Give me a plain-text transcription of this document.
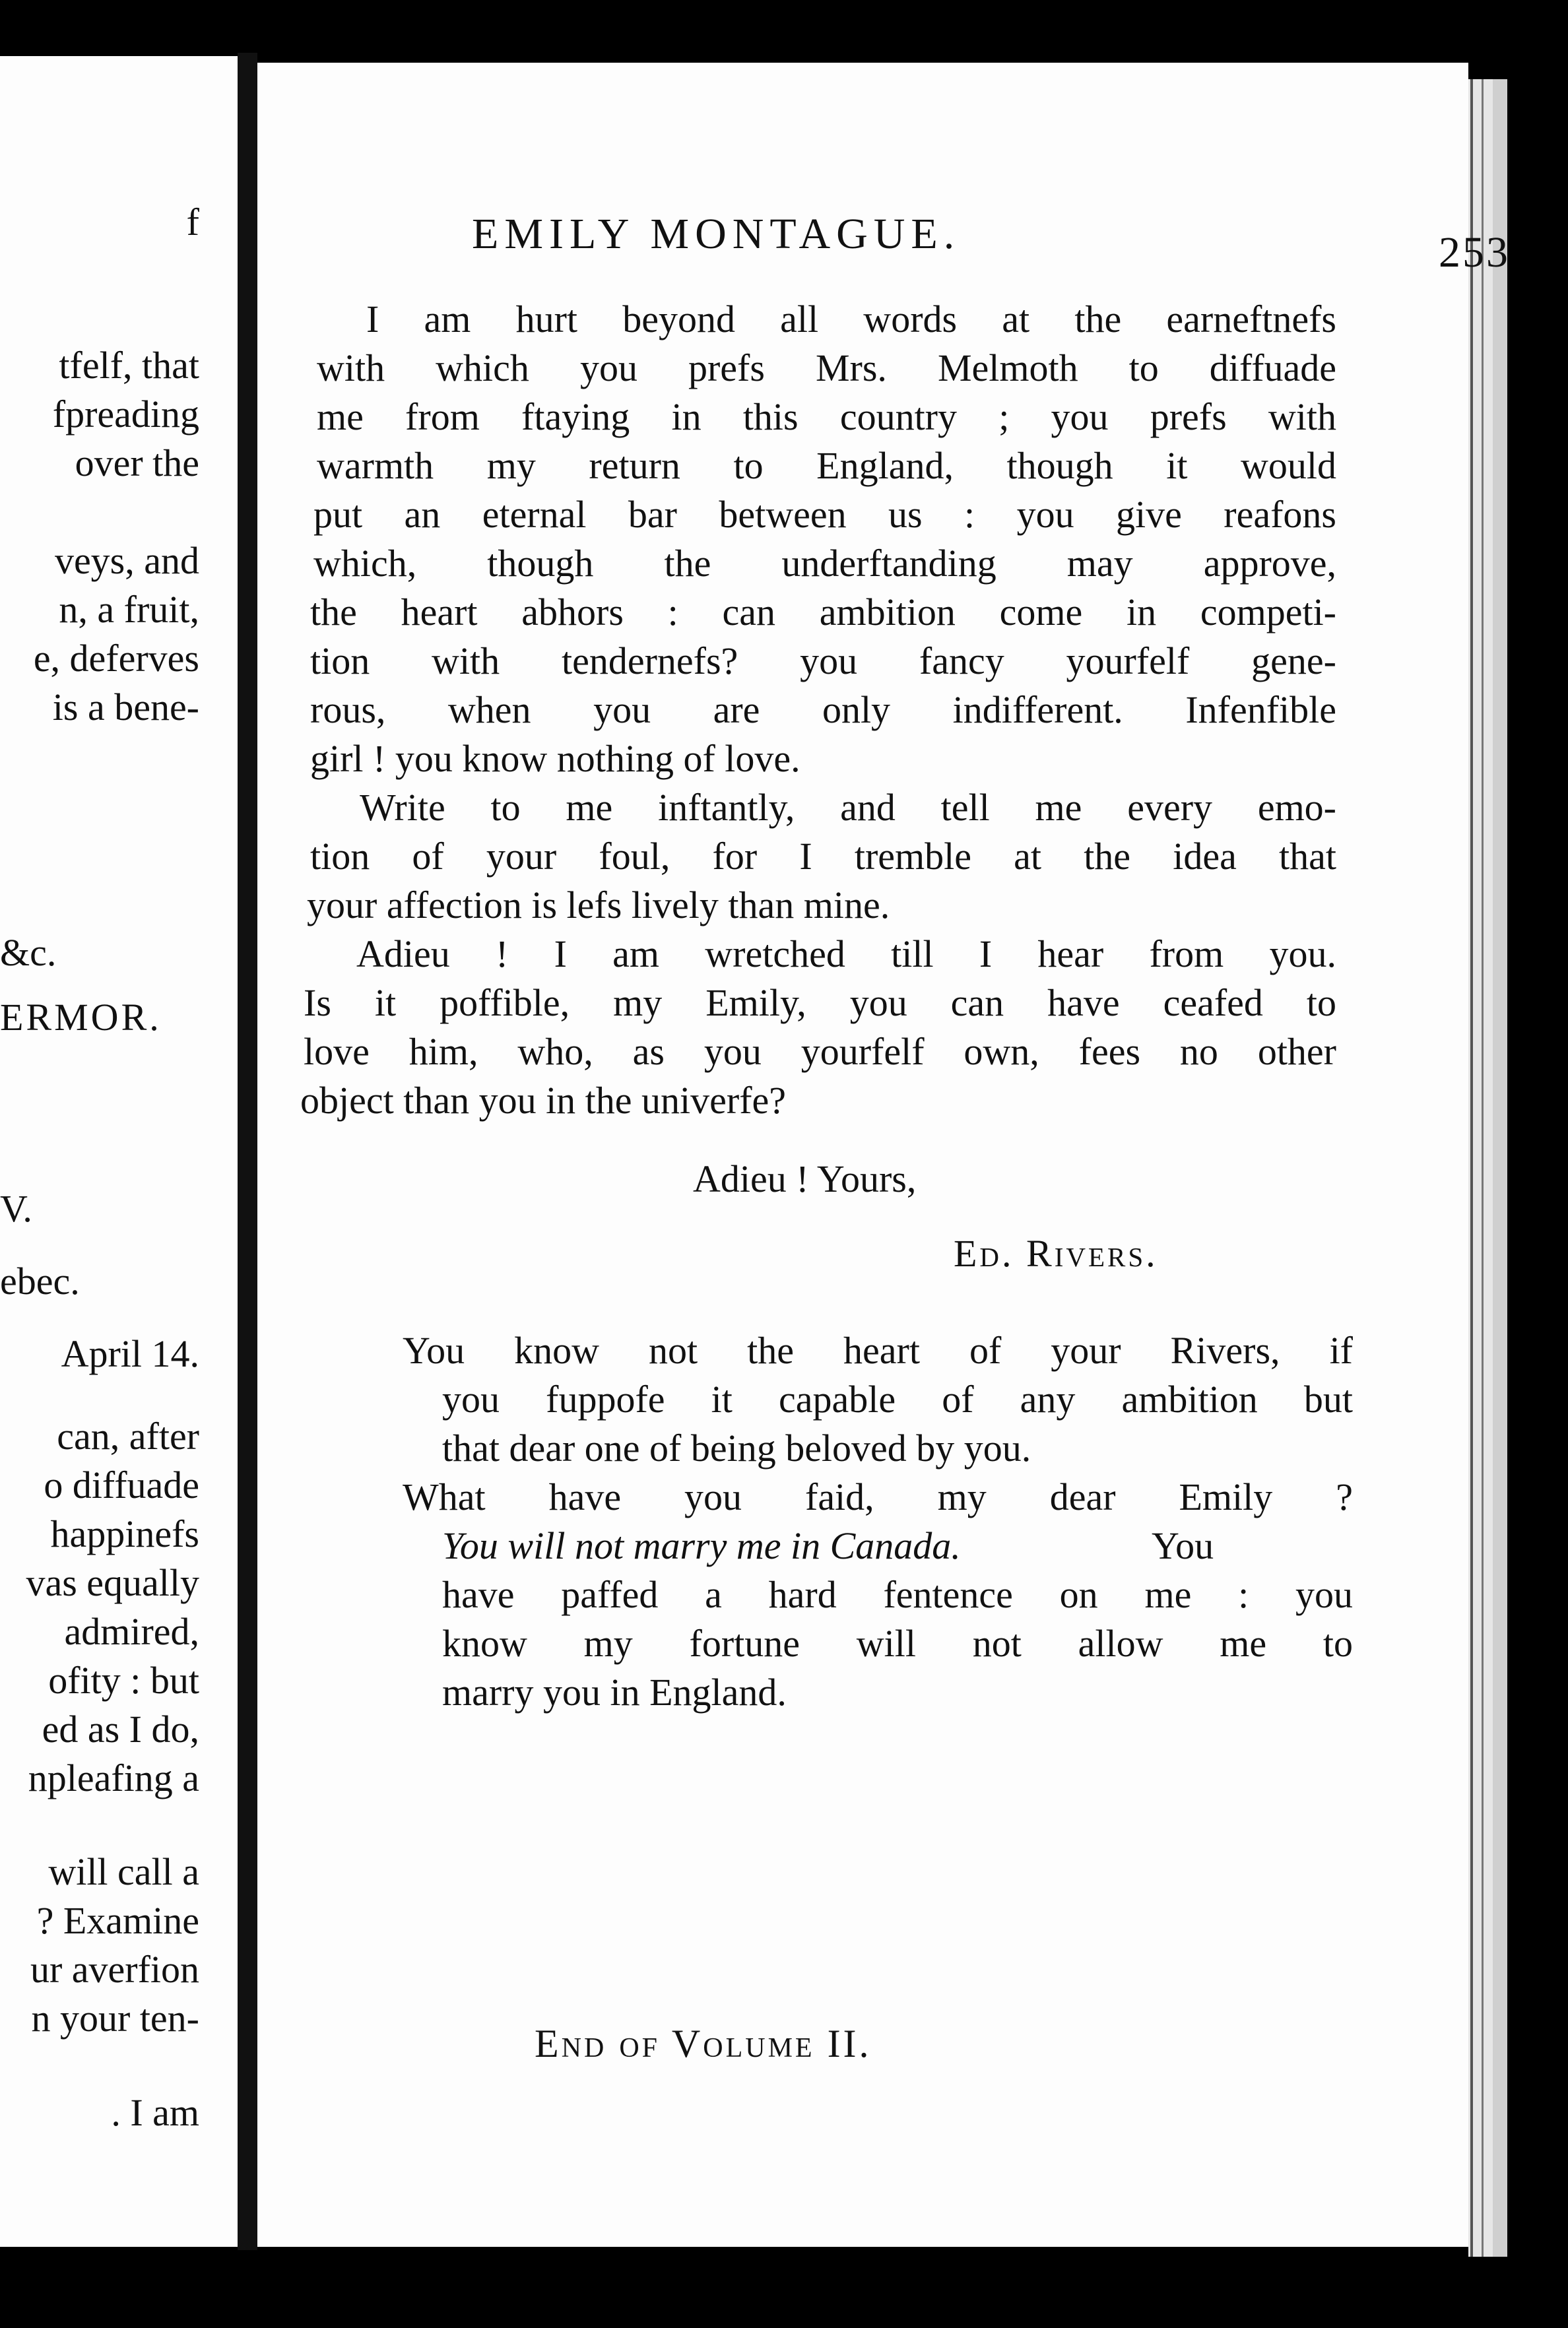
f
tfelf, that
fpreading
over the
veys, and
n, a fruit,
e, deferves
is a bene-
&c.
ERMOR.
V.
ebec.
April 14.
can, after
o diffuade
happinefs
vas equally
admired,
ofity : but
ed as I do,
npleafing a
will call a
? Examine
ur averfion
n your ten-
. I am
EMILY MONTAGUE.	253
I am hurt beyond all words at the earneftnefs
with which you prefs Mrs. Melmoth to diffuade
me from ftaying in this country ; you prefs with
warmth my return to England, though it would
put an eternal bar between us : you give reafons
which, though the underftanding may approve,
the heart abhors : can ambition come in competi-
tion with tendernefs? you fancy yourfelf gene-
rous, when you are only indifferent. Infenfible
girl ! you know nothing of love.
Write to me inftantly, and tell me every emo-
tion of your foul, for I tremble at the idea that
your affection is lefs lively than mine.
Adieu ! I am wretched till I hear from you.
Is it poffible, my Emily, you can have ceafed to
love him, who, as you yourfelf own, fees no other
object than you in the univerfe?
Adieu ! Yours,
Ed. Rivers.
You know not the heart of your Rivers, if
you fuppofe it capable of any ambition but
that dear one of being beloved by you.
What have you faid, my dear Emily ?
You will not marry me in Canada.	You
have paffed a hard fentence on me : you
know my fortune will not allow me to
marry you in England.
End of Volume II.
